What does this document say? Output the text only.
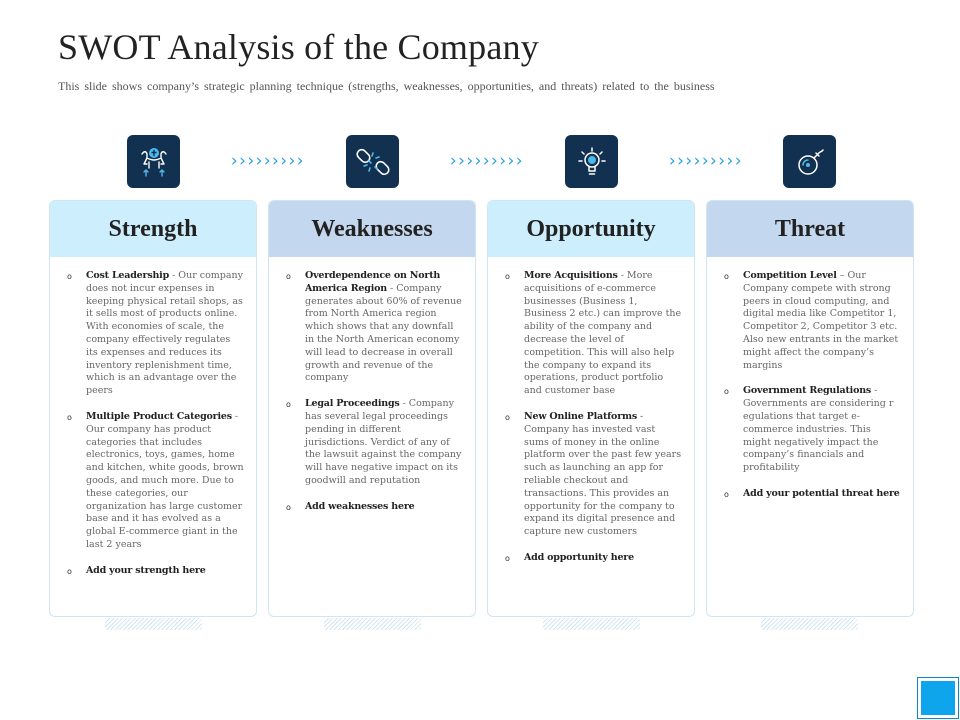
SWOT Analysis of the Company

This slide shows company’s strategic planning technique (strengths, weaknesses, opportunities, and threats) related to the business

›››››››››	›››››››››	›››››››››
Strength
o	Cost Leadership - Our company does not incur expenses in keeping physical retail shops, as it sells most of products online. With economies of scale, the company effectively regulates its expenses and reduces its inventory replenishment time, which is an advantage over the peers
o	Multiple Product Categories - Our company has product categories that includes electronics, toys, games, home and kitchen, white goods, brown goods, and much more. Due to these categories, our organization has large customer base and it has evolved as a global E-commerce giant in the last 2 years
o	Add your strength here
Weaknesses
o	Overdependence on North America Region - Company generates about 60% of revenue from North America region which shows that any downfall in the North American economy will lead to decrease in overall growth and revenue of the company
o	Legal Proceedings - Company has several legal proceedings pending in different jurisdictions. Verdict of any of the lawsuit against the company will have negative impact on its goodwill and reputation
o	Add weaknesses here
Opportunity
o	More Acquisitions - More acquisitions of e-commerce businesses (Business 1, Business 2 etc.) can improve the ability of the company and decrease the level of competition. This will also help the company to expand its operations, product portfolio and customer base
o	New Online Platforms - Company has invested vast sums of money in the online platform over the past few years such as launching an app for reliable checkout and transactions. This provides an opportunity for the company to expand its digital presence and capture new customers
o	Add opportunity here
Threat
o	Competition Level – Our Company compete with strong peers in cloud computing, and digital media like Competitor 1, Competitor 2, Competitor 3 etc. Also new entrants in the market might affect the company’s margins
o	Government Regulations - Governments are considering r egulations that target e-commerce industries. This might negatively impact the company’s financials and profitability
o	Add your potential threat here
